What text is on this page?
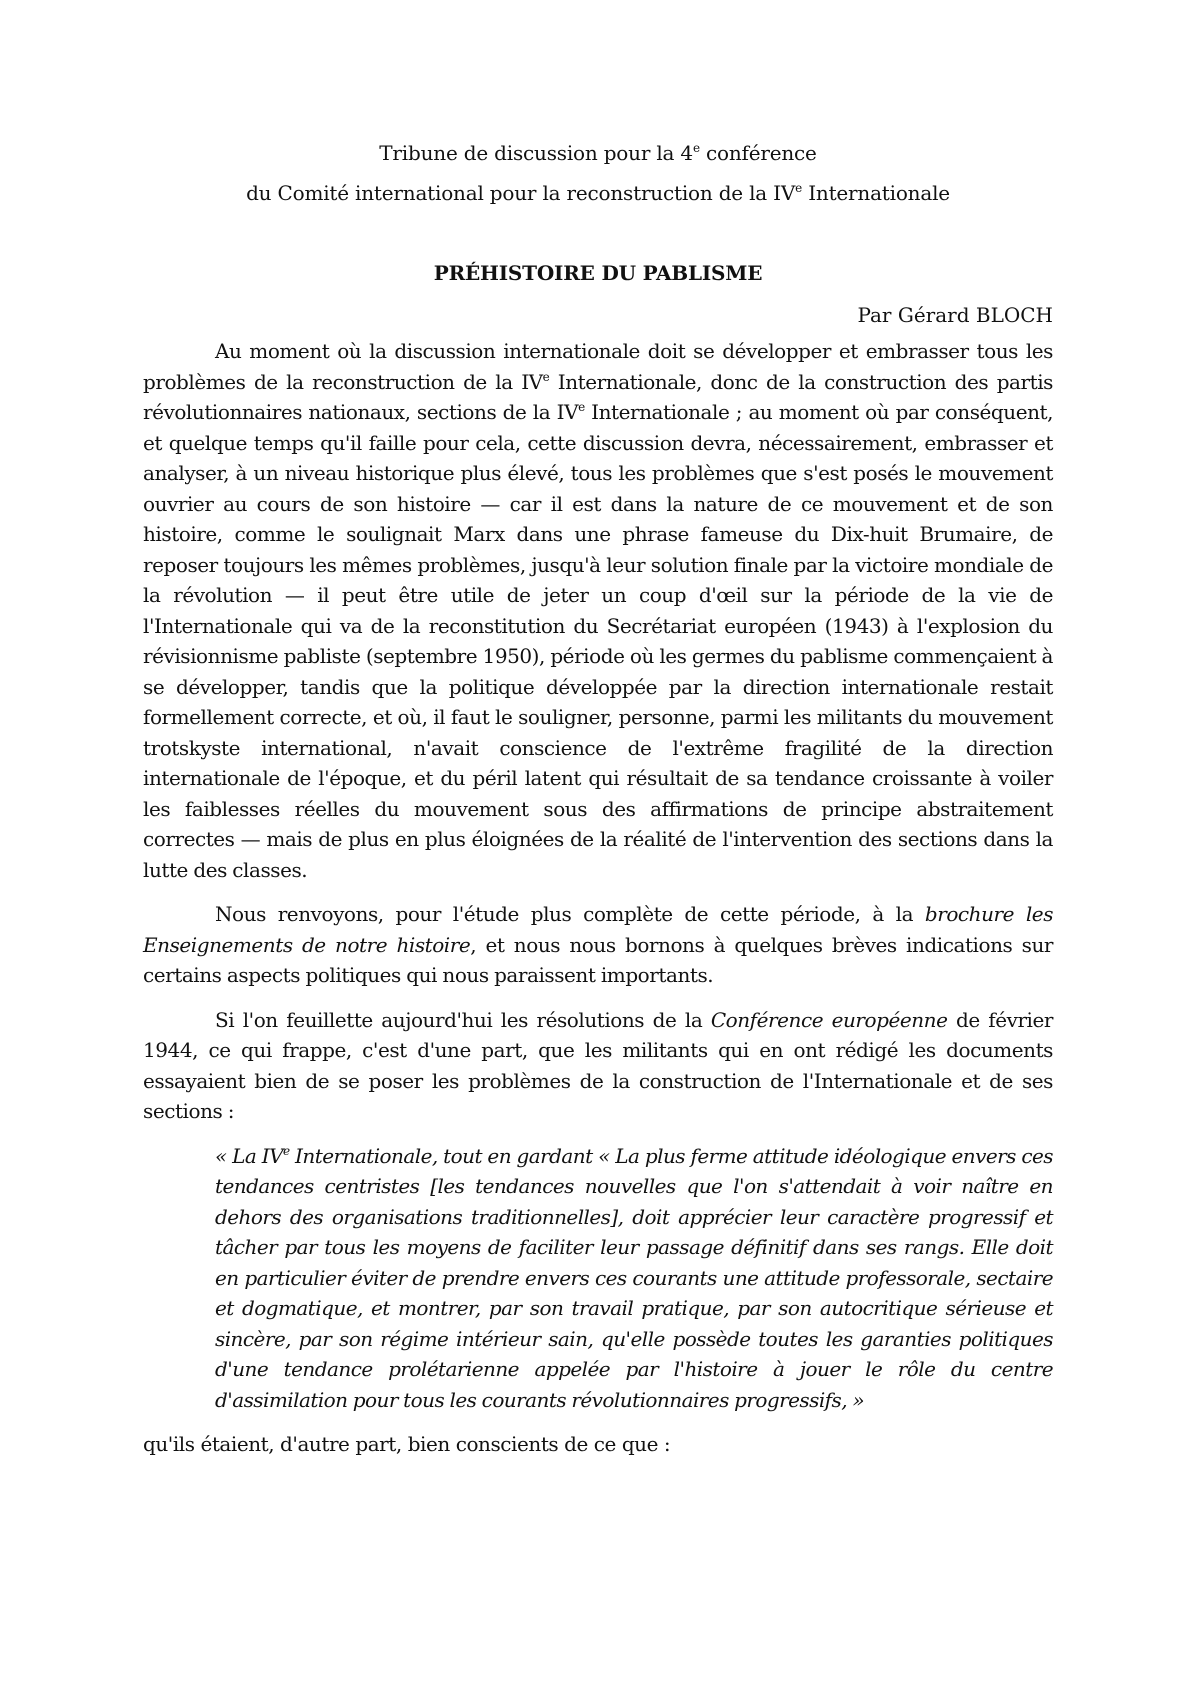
Tribune de discussion pour la 4e conférence
du Comité international pour la reconstruction de la IVe Internationale
PRÉHISTOIRE DU PABLISME
Par Gérard BLOCH

Au moment où la discussion internationale doit se développer et embrasser tous les problèmes de la reconstruction de la IVe Internationale, donc de la construction des partis révolutionnaires nationaux, sections de la IVe Internationale ; au moment où par conséquent, et quelque temps qu'il faille pour cela, cette discussion devra, nécessairement, embrasser et analyser, à un niveau historique plus élevé, tous les problèmes que s'est posés le mouvement ouvrier au cours de son histoire — car il est dans la nature de ce mouvement et de son histoire, comme le soulignait Marx dans une phrase fameuse du Dix-huit Brumaire, de reposer toujours les mêmes problèmes, jusqu'à leur solution finale par la victoire mondiale de la révolution — il peut être utile de jeter un coup d'œil sur la période de la vie de l'Internationale qui va de la reconstitution du Secrétariat européen (1943) à l'explosion du révisionnisme pabliste (septembre 1950), période où les germes du pablisme commençaient à se développer, tandis que la politique développée par la direction internationale restait formellement correcte, et où, il faut le souligner, personne, parmi les militants du mouvement trotskyste international, n'avait conscience de l'extrême fragilité de la direction internationale de l'époque, et du péril latent qui résultait de sa tendance croissante à voiler les faiblesses réelles du mouvement sous des affirmations de principe abstraitement correctes — mais de plus en plus éloignées de la réalité de l'intervention des sections dans la lutte des classes.

Nous renvoyons, pour l'étude plus complète de cette période, à la brochure les Enseignements de notre histoire, et nous nous bornons à quelques brèves indications sur certains aspects politiques qui nous paraissent importants.

Si l'on feuillette aujourd'hui les résolutions de la Conférence européenne de février 1944, ce qui frappe, c'est d'une part, que les militants qui en ont rédigé les documents essayaient bien de se poser les problèmes de la construction de l'Internationale et de ses sections :

« La IVe Internationale, tout en gardant « La plus ferme attitude idéologique envers ces tendances centristes [les tendances nouvelles que l'on s'attendait à voir naître en dehors des organisations traditionnelles], doit apprécier leur caractère progressif et tâcher par tous les moyens de faciliter leur passage définitif dans ses rangs. Elle doit en particulier éviter de prendre envers ces courants une attitude professorale, sectaire et dogmatique, et montrer, par son travail pratique, par son autocritique sérieuse et sincère, par son régime intérieur sain, qu'elle possède toutes les garanties politiques d'une tendance prolétarienne appelée par l'histoire à jouer le rôle du centre d'assimilation pour tous les courants révolutionnaires progressifs, »

qu'ils étaient, d'autre part, bien conscients de ce que :
